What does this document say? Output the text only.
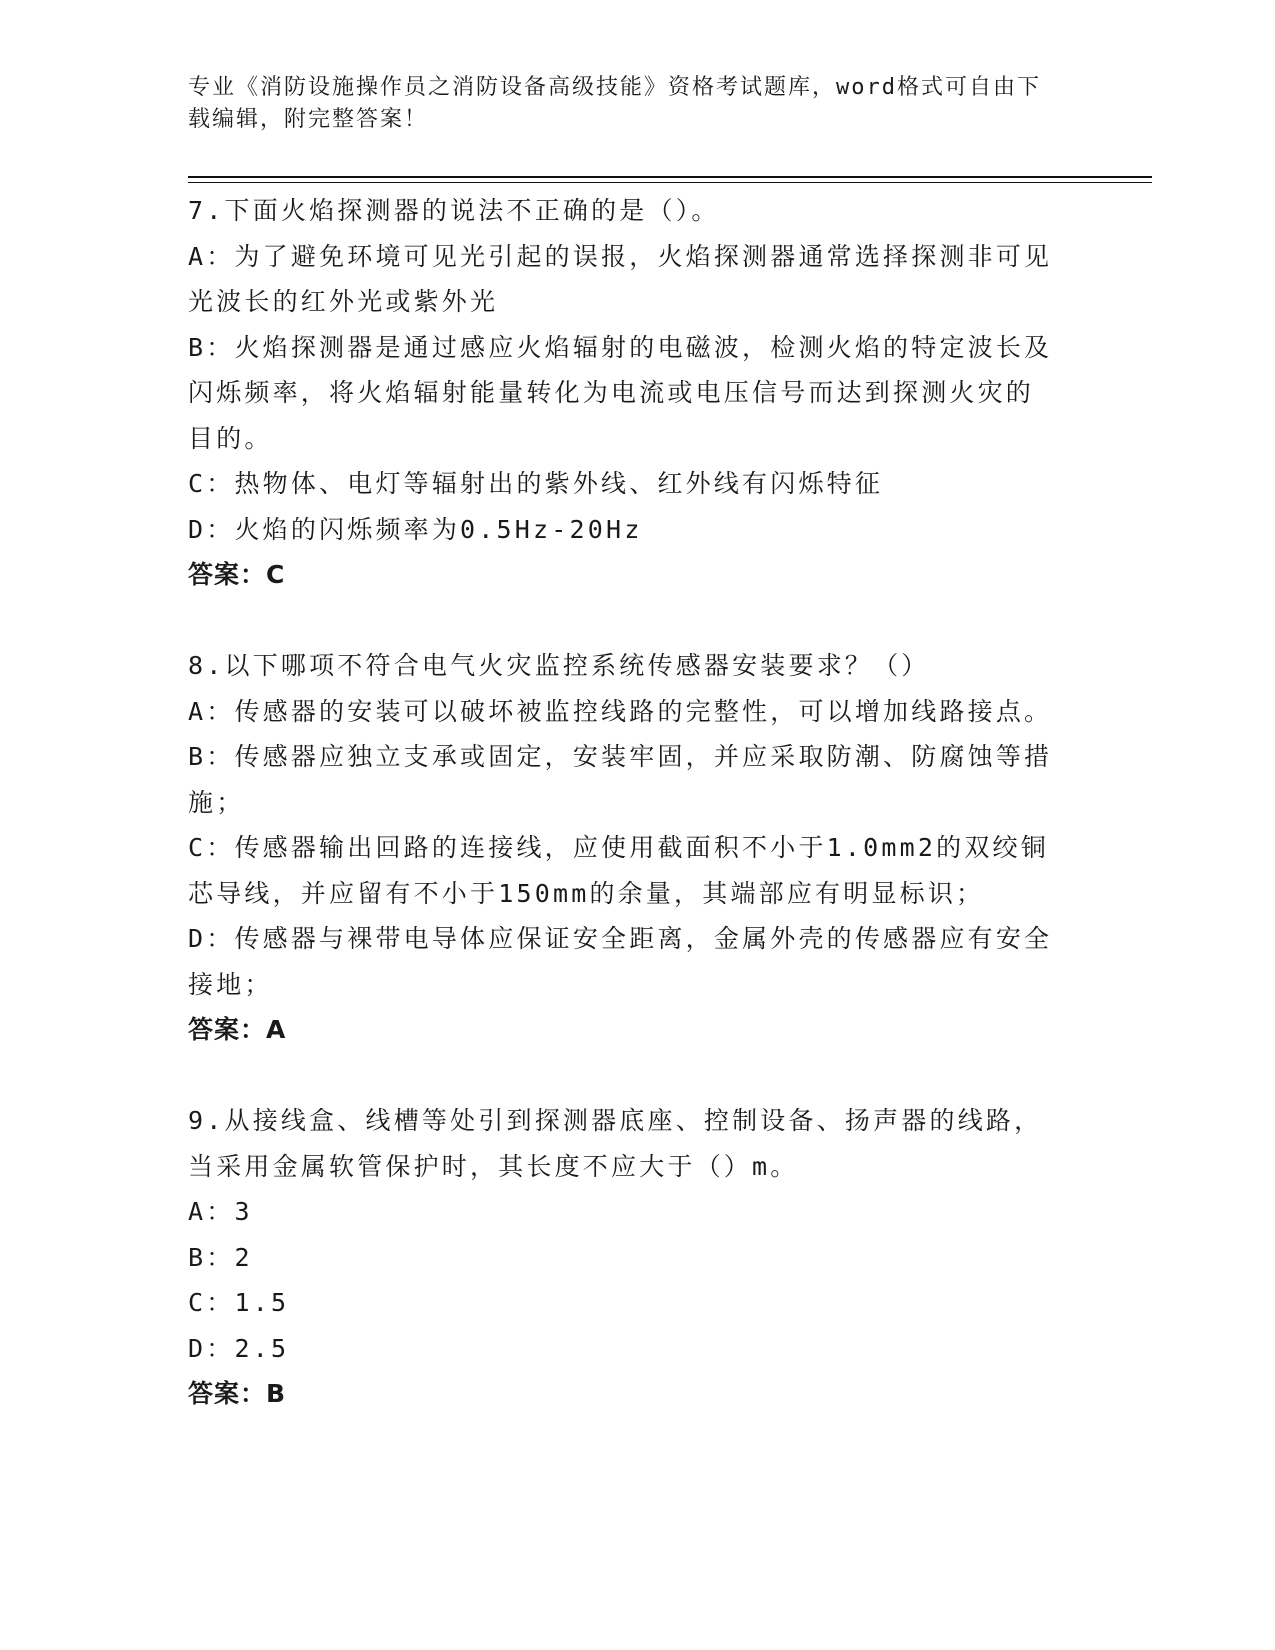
专业《消防设施操作员之消防设备高级技能》资格考试题库，word格式可自由下
载编辑，附完整答案！
7.下面火焰探测器的说法不正确的是（）。
A：为了避免环境可见光引起的误报，火焰探测器通常选择探测非可见
光波长的红外光或紫外光
B：火焰探测器是通过感应火焰辐射的电磁波，检测火焰的特定波长及
闪烁频率，将火焰辐射能量转化为电流或电压信号而达到探测火灾的
目的。
C：热物体、电灯等辐射出的紫外线、红外线有闪烁特征
D：火焰的闪烁频率为0.5Hz-20Hz
答案：C
8.以下哪项不符合电气火灾监控系统传感器安装要求？（）
A：传感器的安装可以破坏被监控线路的完整性，可以增加线路接点。
B：传感器应独立支承或固定，安装牢固，并应采取防潮、防腐蚀等措
施；
C：传感器输出回路的连接线，应使用截面积不小于1.0mm2的双绞铜
芯导线，并应留有不小于150mm的余量，其端部应有明显标识；
D：传感器与裸带电导体应保证安全距离，金属外壳的传感器应有安全
接地；
答案：A
9.从接线盒、线槽等处引到探测器底座、控制设备、扬声器的线路，
当采用金属软管保护时，其长度不应大于（）m。
A：3
B：2
C：1.5
D：2.5
答案：B
